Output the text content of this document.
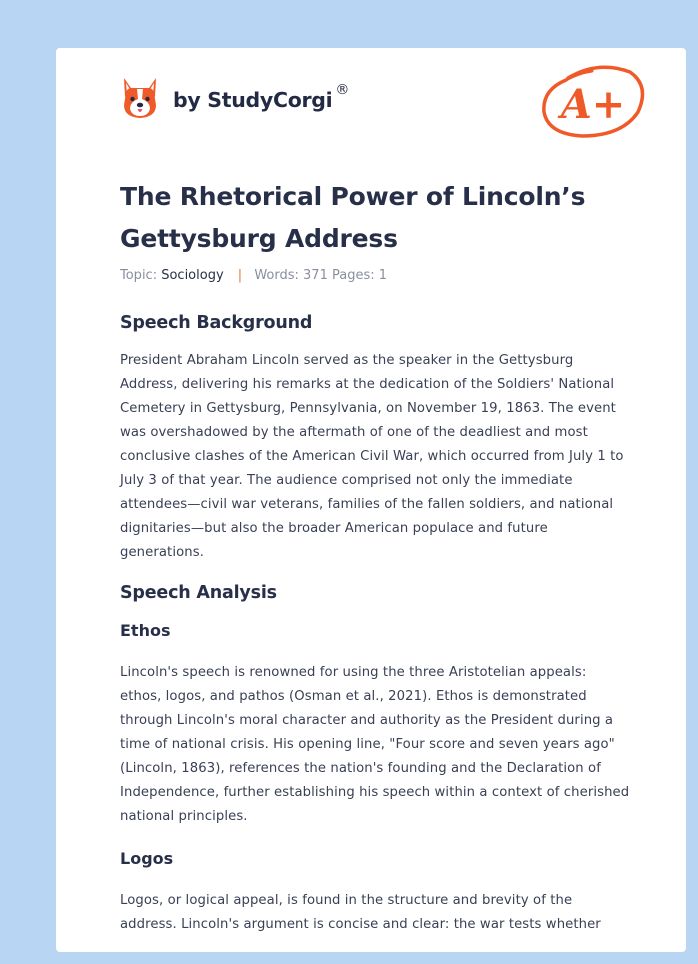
by StudyCorgi ®	A+
The Rhetorical Power of Lincoln’s Gettysburg Address
Topic: Sociology | Words: 371 Pages: 1
Speech Background

President Abraham Lincoln served as the speaker in the Gettysburg Address, delivering his remarks at the dedication of the Soldiers' National Cemetery in Gettysburg, Pennsylvania, on November 19, 1863. The event was overshadowed by the aftermath of one of the deadliest and most conclusive clashes of the American Civil War, which occurred from July 1 to July 3 of that year. The audience comprised not only the immediate attendees—civil war veterans, families of the fallen soldiers, and national dignitaries—but also the broader American populace and future generations.

Speech Analysis
Ethos

Lincoln's speech is renowned for using the three Aristotelian appeals: ethos, logos, and pathos (Osman et al., 2021). Ethos is demonstrated through Lincoln's moral character and authority as the President during a time of national crisis. His opening line, "Four score and seven years ago"(Lincoln, 1863), references the nation's founding and the Declaration of Independence, further establishing his speech within a context of cherished national principles.

Logos

Logos, or logical appeal, is found in the structure and brevity of the address. Lincoln's argument is concise and clear: the war tests whether
